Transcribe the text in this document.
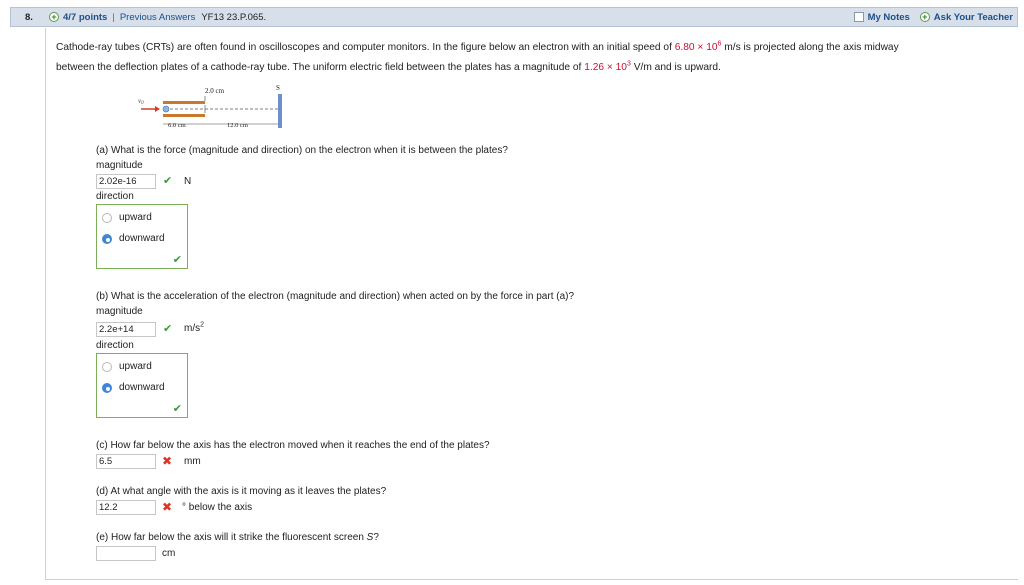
8.	+ 4/7 points | Previous Answers YF13 23.P.065.	My Notes + Ask Your Teacher
Cathode-ray tubes (CRTs) are often found in oscilloscopes and computer monitors. In the figure below an electron with an initial speed of $6.80 \times 10^6$ m/s is projected along the axis midway
between the deflection plates of a cathode-ray tube. The uniform electric field between the plates has a magnitude of $1.26 \times 10^3$ V/m and is upward.
2.0 cm	S
v0
6.0 cm	12.0 cm
(a) What is the force (magnitude and direction) on the electron when it is between the plates?
magnitude
2.02e-16	✔ N
direction
upward
downward
✔
(b) What is the acceleration of the electron (magnitude and direction) when acted on by the force in part (a)?
magnitude
2.2e+14	✔ $m/s^2$
direction
upward
downward
✔
(c) How far below the axis has the electron moved when it reaches the end of the plates?
6.5	✖ mm
(d) At what angle with the axis is it moving as it leaves the plates?
12.2	✖ ° below the axis
(e) How far below the axis will it strike the fluorescent screen S?
cm
